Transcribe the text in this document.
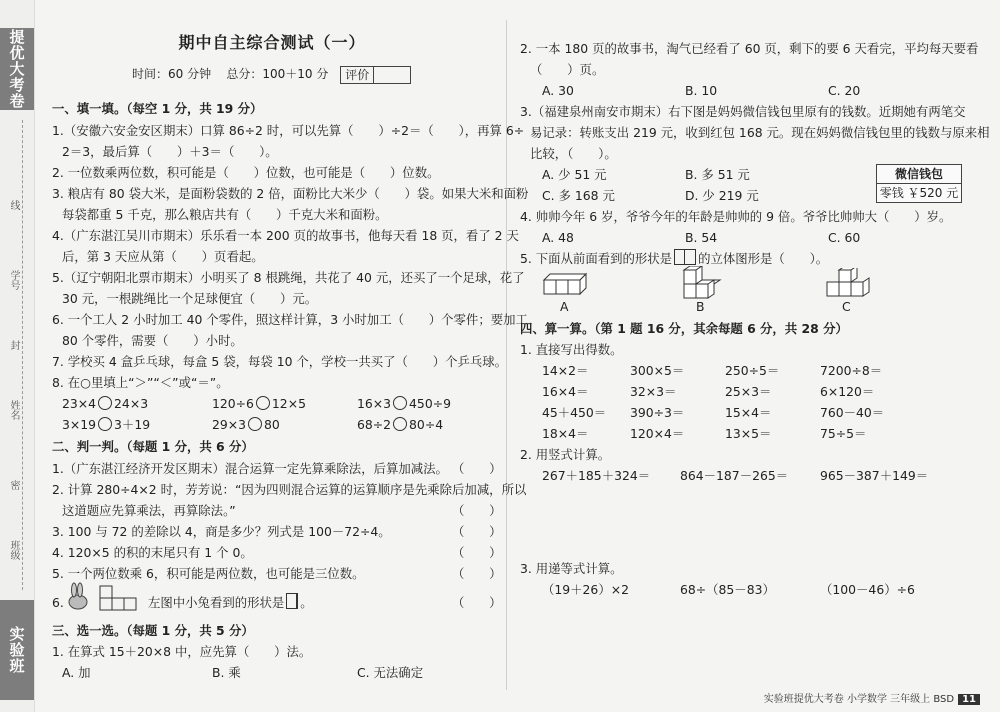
提优大考卷
线
学号
封
姓名
密
班级
实验班
期中自主综合测试（一）
时间：60 分钟 总分：100＋10 分 评价
一、填一填。（每空 1 分，共 19 分）
1.（安徽六安金安区期末）口算 86÷2 时，可以先算（　　）÷2＝（　　），再算 6÷
2＝3，最后算（　　）＋3＝（　　）。
2. 一位数乘两位数，积可能是（　　）位数，也可能是（　　）位数。
3. 粮店有 80 袋大米，是面粉袋数的 2 倍，面粉比大米少（　　）袋。如果大米和面粉
每袋都重 5 千克，那么粮店共有（　　）千克大米和面粉。
4.（广东湛江吴川市期末）乐乐看一本 200 页的故事书，他每天看 18 页，看了 2 天
后，第 3 天应从第（　　）页看起。
5.（辽宁朝阳北票市期末）小明买了 8 根跳绳，共花了 40 元，还买了一个足球，花了
30 元，一根跳绳比一个足球便宜（　　）元。
6. 一个工人 2 小时加工 40 个零件，照这样计算，3 小时加工（　　）个零件；要加工
80 个零件，需要（　　）小时。
7. 学校买 4 盒乒乓球，每盒 5 袋，每袋 10 个，学校一共买了（　　）个乒乓球。
8. 在○里填上“＞”“＜”或“＝”。
23×4 24×3	120÷6 12×5	16×3 450÷9
3×19 3＋19	29×3 80	68÷2 80÷4
二、判一判。（每题 1 分，共 6 分）
1.（广东湛江经济开发区期末）混合运算一定先算乘除法，后算加减法。 （　　）
2. 计算 280÷4×2 时，芳芳说：“因为四则混合运算的运算顺序是先乘除后加减，所以
这道题应先算乘法，再算除法。”	（　　）
3. 100 与 72 的差除以 4，商是多少？列式是 100－72÷4。	（　　）
4. 120×5 的积的末尾只有 1 个 0。	（　　）
5. 一个两位数乘 6，积可能是两位数，也可能是三位数。	（　　）
6.	左图中小兔看到的形状是 。	（　　）
三、选一选。（每题 1 分，共 5 分）
1. 在算式 15＋20×8 中，应先算（　　）法。
A. 加	B. 乘	C. 无法确定
2. 一本 180 页的故事书，淘气已经看了 60 页，剩下的要 6 天看完，平均每天要看
（　　）页。
A. 30	B. 10	C. 20
3.（福建泉州南安市期末）右下图是妈妈微信钱包里原有的钱数。近期她有两笔交
易记录：转账支出 219 元，收到红包 168 元。现在妈妈微信钱包里的钱数与原来相
比较，（　　）。
A. 少 51 元	B. 多 51 元
C. 多 168 元	D. 少 219 元
微信钱包

零钱 ￥520 元

4. 帅帅今年 6 岁，爷爷今年的年龄是帅帅的 9 倍。爷爷比帅帅大（　　）岁。
A. 48	B. 54	C. 60
5. 下面从前面看到的形状是 的立体图形是（　　）。
A	B	C
四、算一算。（第 1 题 16 分，其余每题 6 分，共 28 分）
1. 直接写出得数。
14×2＝	300×5＝	250÷5＝	7200÷8＝
16×4＝	32×3＝	25×3＝	6×120＝
45＋450＝ 390÷3＝	15×4＝	760－40＝
18×4＝	120×4＝	13×5＝	75÷5＝
2. 用竖式计算。
267＋185＋324＝ 864－187－265＝	965－387＋149＝
3. 用递等式计算。
（19＋26）×2	68÷（85－83）	（100－46）÷6
实验班提优大考卷 小学数学 三年级上 BSD 11
